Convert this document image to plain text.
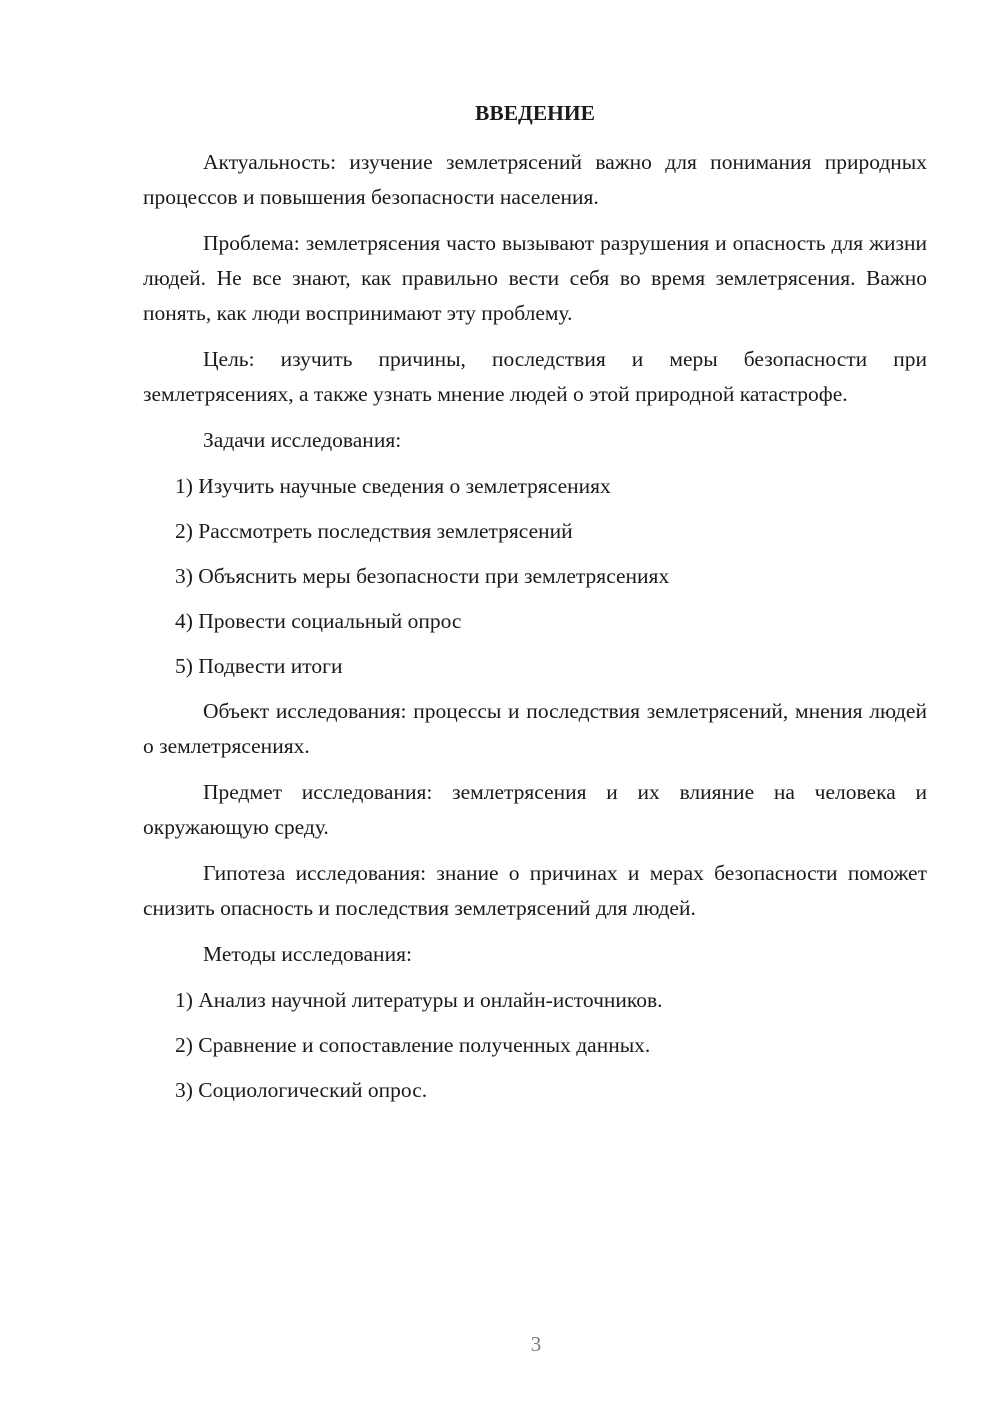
ВВЕДЕНИЕ

Актуальность: изучение землетрясений важно для понимания природных процессов и повышения безопасности населения.

Проблема: землетрясения часто вызывают разрушения и опасность для жизни людей. Не все знают, как правильно вести себя во время землетрясения. Важно понять, как люди воспринимают эту проблему.

Цель: изучить причины, последствия и меры безопасности при землетрясениях, а также узнать мнение людей о этой природной катастрофе.

Задачи исследования:

1) Изучить научные сведения о землетрясениях
2) Рассмотреть последствия землетрясений
3) Объяснить меры безопасности при землетрясениях
4) Провести социальный опрос
5) Подвести итоги

Объект исследования: процессы и последствия землетрясений, мнения людей о землетрясениях.

Предмет исследования: землетрясения и их влияние на человека и окружающую среду.

Гипотеза исследования: знание о причинах и мерах безопасности поможет снизить опасность и последствия землетрясений для людей.

Методы исследования:

1) Анализ научной литературы и онлайн-источников.
2) Сравнение и сопоставление полученных данных.
3) Социологический опрос.
3
